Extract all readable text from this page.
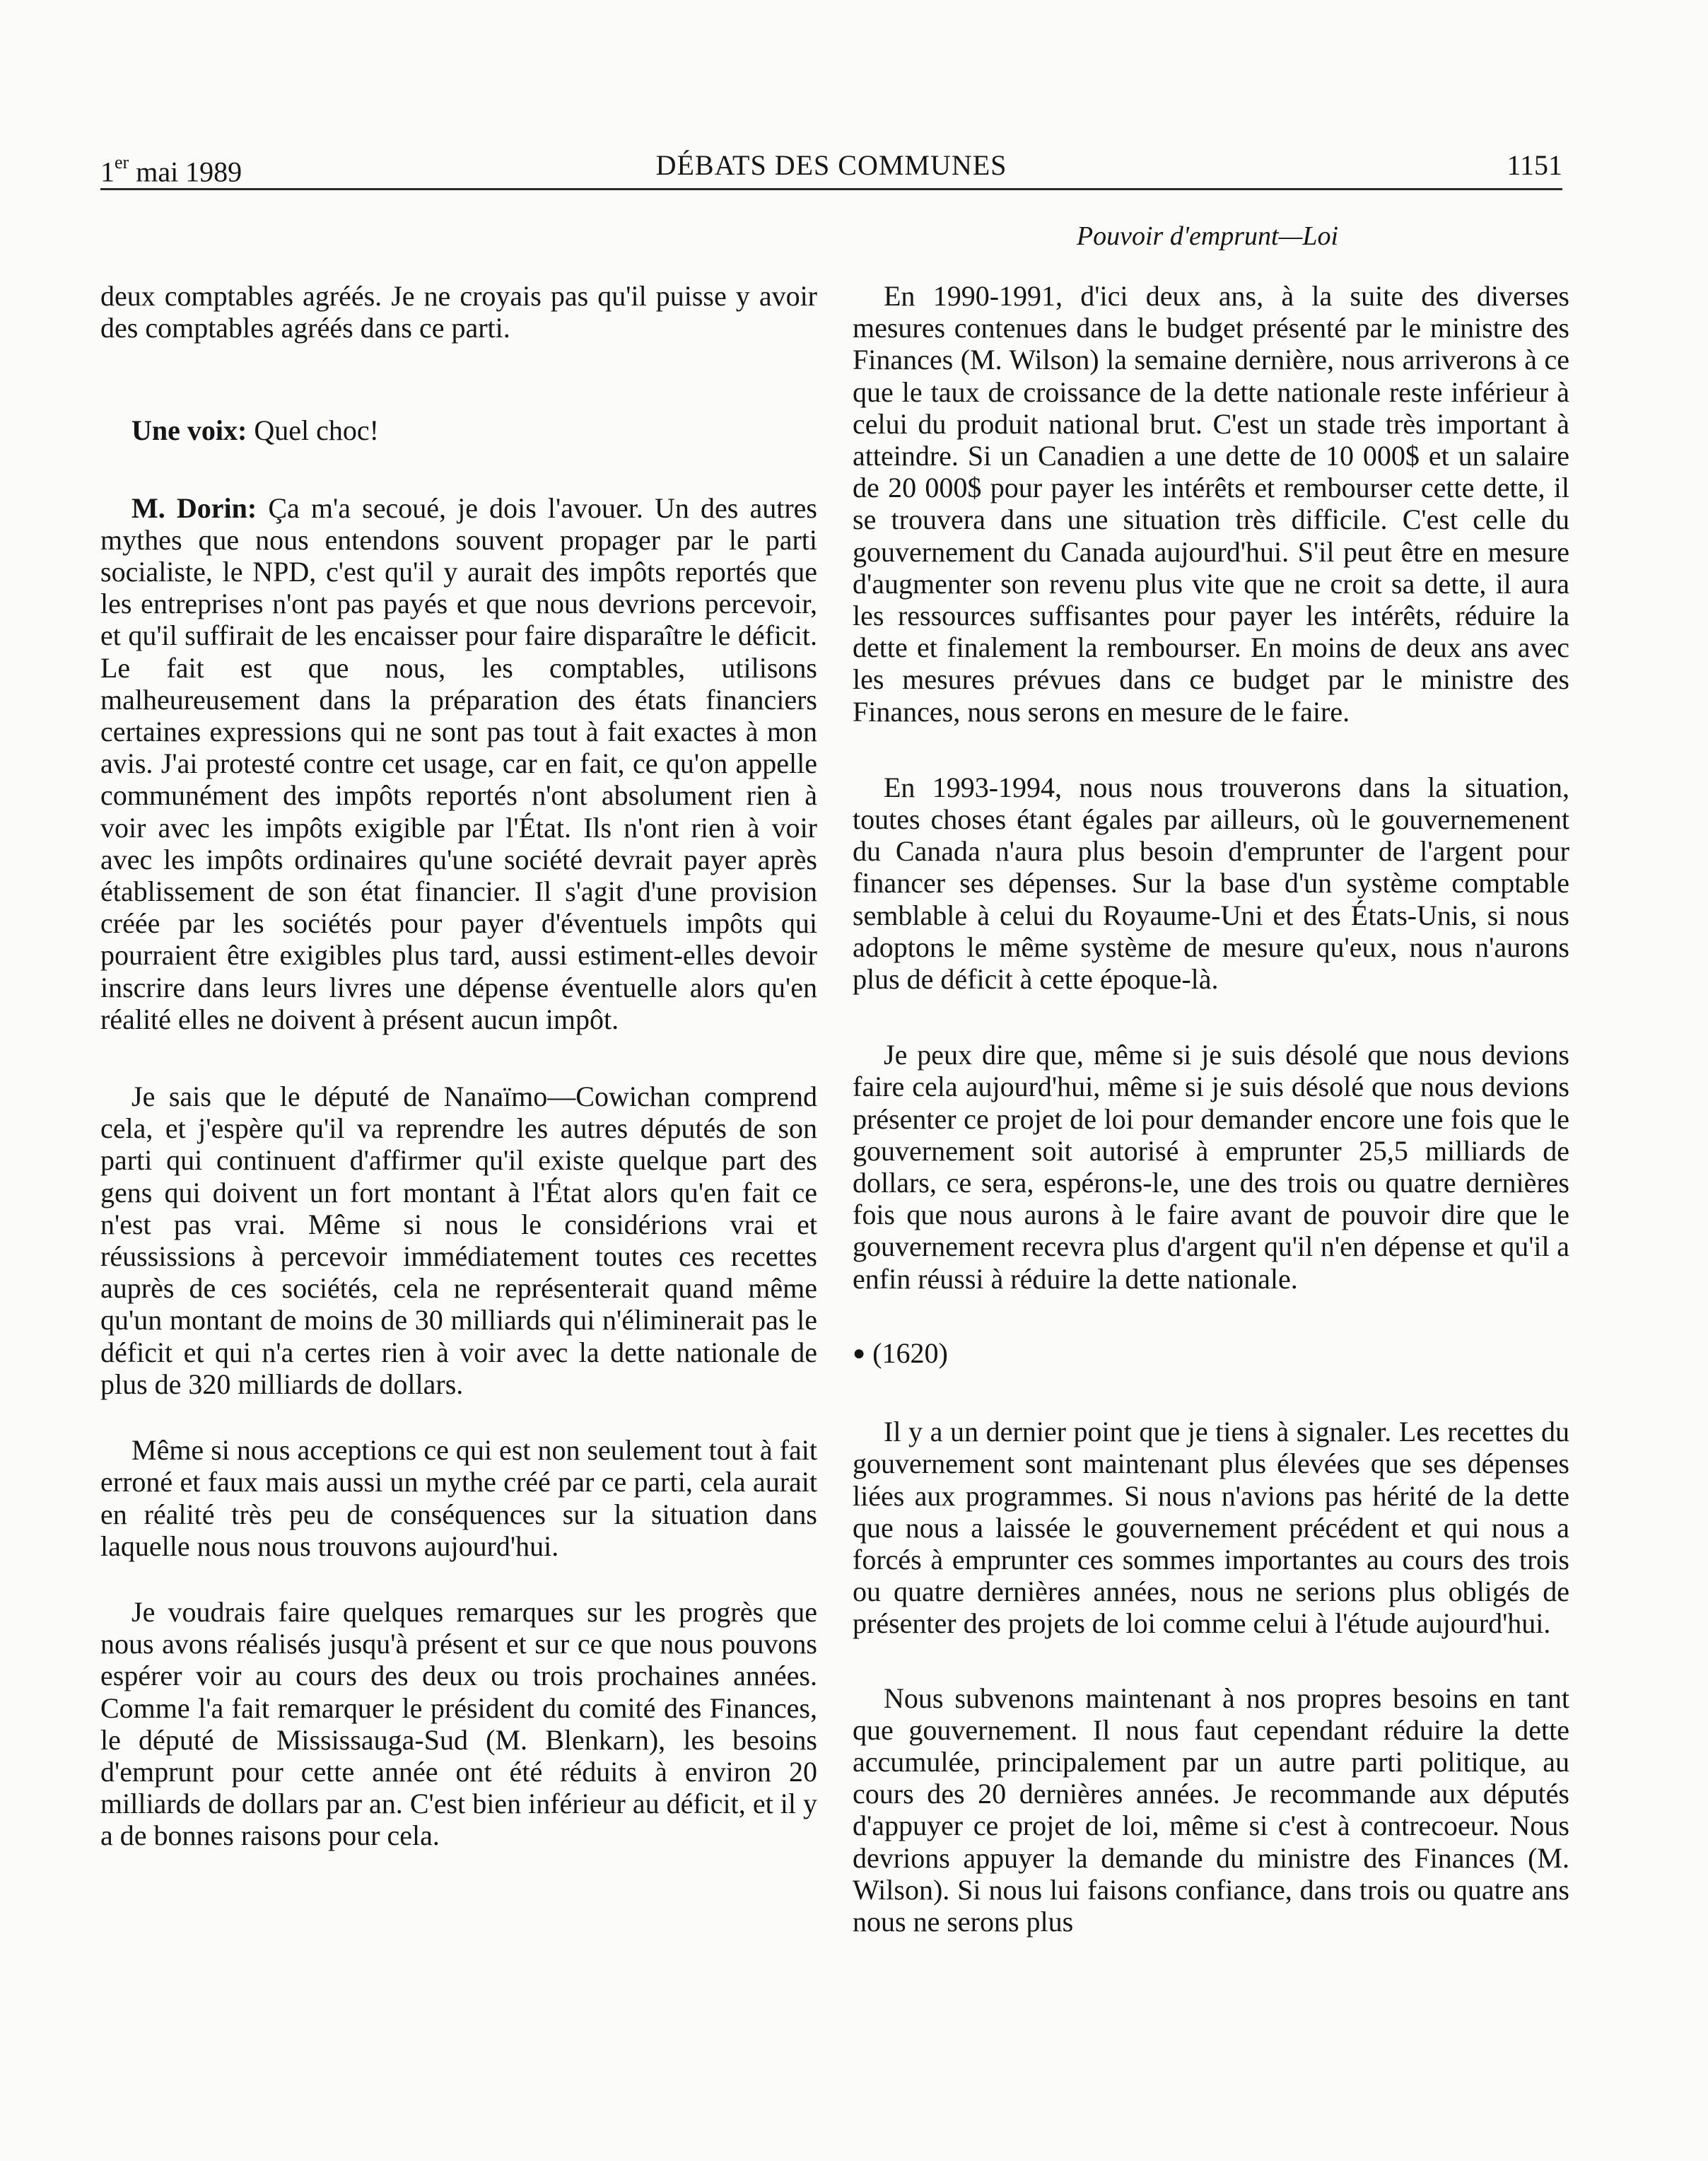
1er mai 1989	DÉBATS DES COMMUNES	1151
Pouvoir d'emprunt—Loi

deux comptables agréés. Je ne croyais pas qu'il puisse y avoir des comptables agréés dans ce parti.

Une voix: Quel choc!

M. Dorin: Ça m'a secoué, je dois l'avouer. Un des autres mythes que nous entendons souvent propager par le parti socialiste, le NPD, c'est qu'il y aurait des impôts reportés que les entreprises n'ont pas payés et que nous devrions percevoir, et qu'il suffirait de les encaisser pour faire disparaître le déficit. Le fait est que nous, les comptables, utilisons malheureusement dans la préparation des états financiers certaines expressions qui ne sont pas tout à fait exactes à mon avis. J'ai protesté contre cet usage, car en fait, ce qu'on appelle communément des impôts reportés n'ont absolument rien à voir avec les impôts exigible par l'État. Ils n'ont rien à voir avec les impôts ordinaires qu'une société devrait payer après établissement de son état financier. Il s'agit d'une provision créée par les sociétés pour payer d'éventuels impôts qui pourraient être exigibles plus tard, aussi estiment-elles devoir inscrire dans leurs livres une dépense éventuelle alors qu'en réalité elles ne doivent à présent aucun impôt.

Je sais que le député de Nanaïmo—Cowichan comprend cela, et j'espère qu'il va reprendre les autres députés de son parti qui continuent d'affirmer qu'il existe quelque part des gens qui doivent un fort montant à l'État alors qu'en fait ce n'est pas vrai. Même si nous le considérions vrai et réussissions à percevoir immédiatement toutes ces recettes auprès de ces sociétés, cela ne représenterait quand même qu'un montant de moins de 30 milliards qui n'éliminerait pas le déficit et qui n'a certes rien à voir avec la dette nationale de plus de 320 milliards de dollars.

Même si nous acceptions ce qui est non seulement tout à fait erroné et faux mais aussi un mythe créé par ce parti, cela aurait en réalité très peu de conséquences sur la situation dans laquelle nous nous trouvons aujourd'hui.

Je voudrais faire quelques remarques sur les progrès que nous avons réalisés jusqu'à présent et sur ce que nous pouvons espérer voir au cours des deux ou trois prochaines années. Comme l'a fait remarquer le président du comité des Finances, le député de Mississauga-Sud (M. Blenkarn), les besoins d'emprunt pour cette année ont été réduits à environ 20 milliards de dollars par an. C'est bien inférieur au déficit, et il y a de bonnes raisons pour cela.

En 1990-1991, d'ici deux ans, à la suite des diverses mesures contenues dans le budget présenté par le ministre des Finances (M. Wilson) la semaine dernière, nous arriverons à ce que le taux de croissance de la dette nationale reste inférieur à celui du produit national brut. C'est un stade très important à atteindre. Si un Canadien a une dette de 10 000$ et un salaire de 20 000$ pour payer les intérêts et rembourser cette dette, il se trouvera dans une situation très difficile. C'est celle du gouvernement du Canada aujourd'hui. S'il peut être en mesure d'augmenter son revenu plus vite que ne croit sa dette, il aura les ressources suffisantes pour payer les intérêts, réduire la dette et finalement la rembourser. En moins de deux ans avec les mesures prévues dans ce budget par le ministre des Finances, nous serons en mesure de le faire.

En 1993-1994, nous nous trouverons dans la situation, toutes choses étant égales par ailleurs, où le gouvernemenent du Canada n'aura plus besoin d'emprunter de l'argent pour financer ses dépenses. Sur la base d'un système comptable semblable à celui du Royaume-Uni et des États-Unis, si nous adoptons le même système de mesure qu'eux, nous n'aurons plus de déficit à cette époque-là.

Je peux dire que, même si je suis désolé que nous devions faire cela aujourd'hui, même si je suis désolé que nous devions présenter ce projet de loi pour demander encore une fois que le gouvernement soit autorisé à emprunter 25,5 milliards de dollars, ce sera, espérons-le, une des trois ou quatre dernières fois que nous aurons à le faire avant de pouvoir dire que le gouvernement recevra plus d'argent qu'il n'en dépense et qu'il a enfin réussi à réduire la dette nationale.

● (1620)

Il y a un dernier point que je tiens à signaler. Les recettes du gouvernement sont maintenant plus élevées que ses dépenses liées aux programmes. Si nous n'avions pas hérité de la dette que nous a laissée le gouvernement précédent et qui nous a forcés à emprunter ces sommes importantes au cours des trois ou quatre dernières années, nous ne serions plus obligés de présenter des projets de loi comme celui à l'étude aujourd'hui.

Nous subvenons maintenant à nos propres besoins en tant que gouvernement. Il nous faut cependant réduire la dette accumulée, principalement par un autre parti politique, au cours des 20 dernières années. Je recommande aux députés d'appuyer ce projet de loi, même si c'est à contrecoeur. Nous devrions appuyer la demande du ministre des Finances (M. Wilson). Si nous lui faisons confiance, dans trois ou quatre ans nous ne serons plus
